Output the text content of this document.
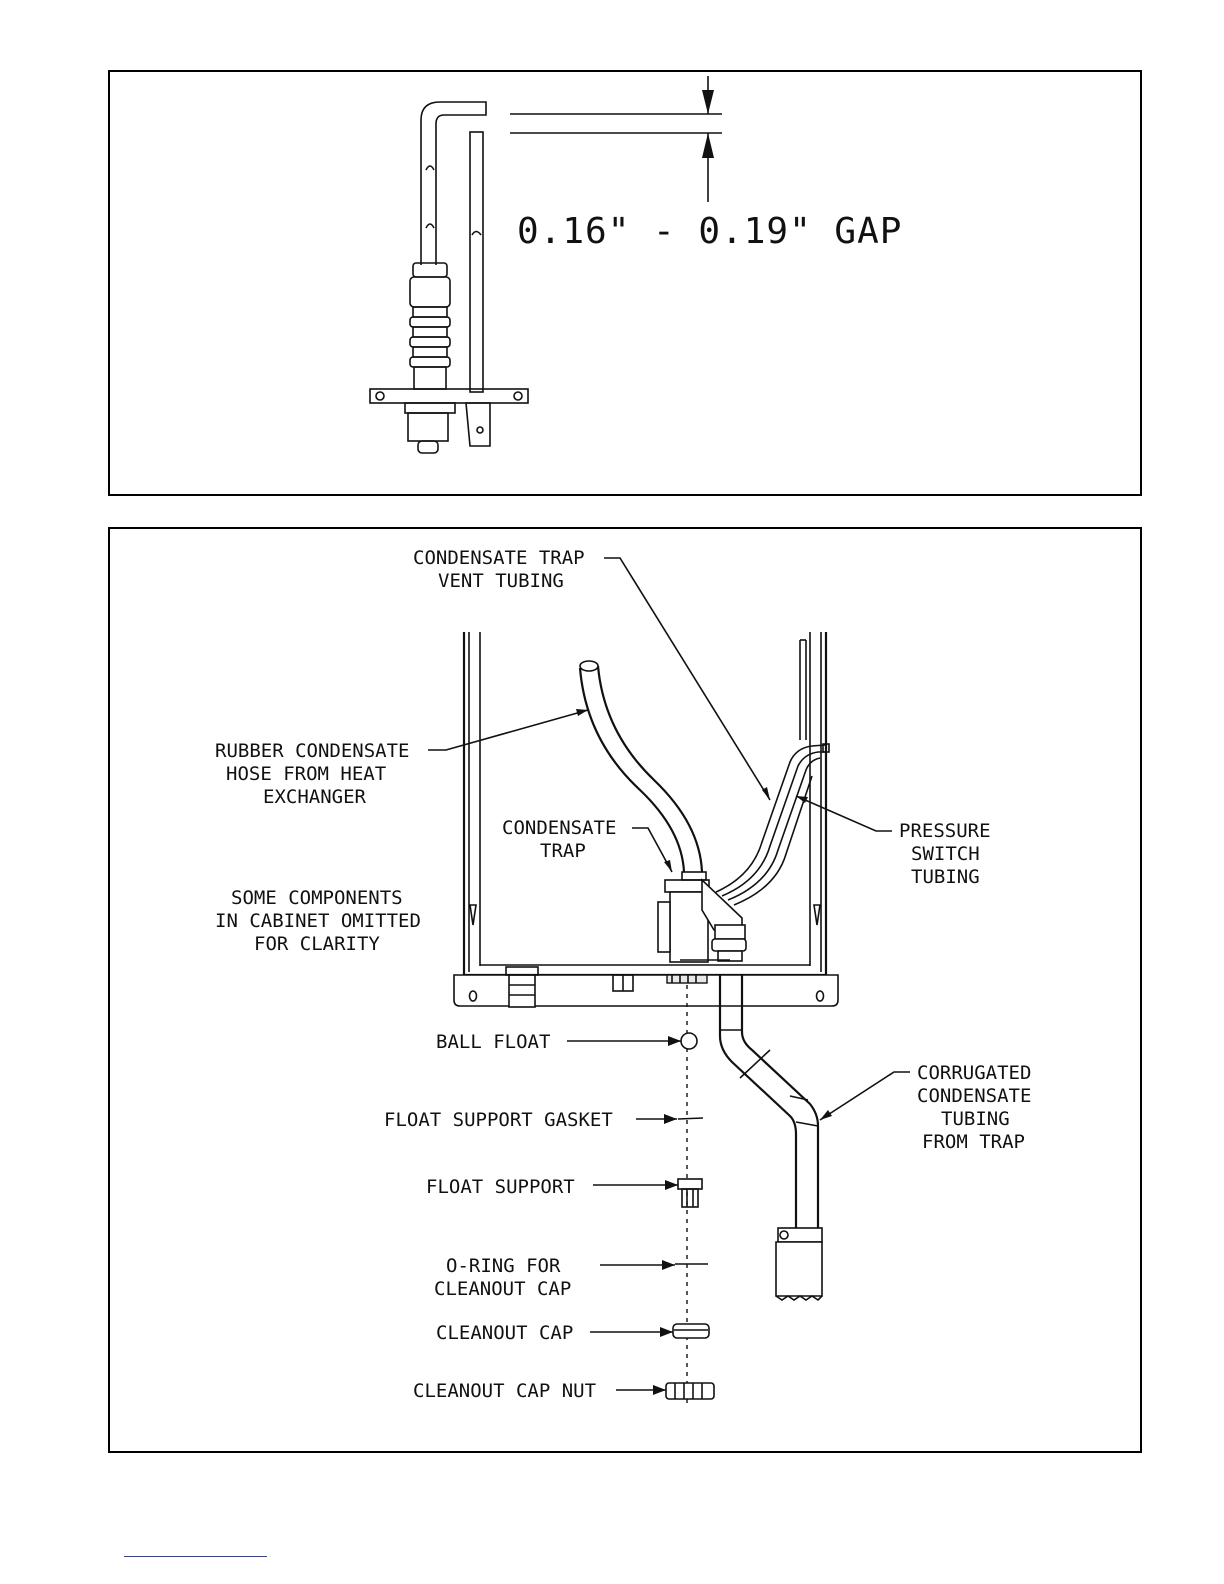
0.16" - 0.19" GAP
CONDENSATE TRAP
VENT TUBING
RUBBER CONDENSATE
HOSE FROM HEAT
EXCHANGER
CONDENSATE
TRAP
PRESSURE
SWITCH
TUBING
SOME COMPONENTS
IN CABINET OMITTED
FOR CLARITY
BALL FLOAT
FLOAT SUPPORT GASKET
FLOAT SUPPORT
O-RING FOR
CLEANOUT CAP
CLEANOUT CAP
CLEANOUT CAP NUT
CORRUGATED
CONDENSATE
TUBING
FROM TRAP
